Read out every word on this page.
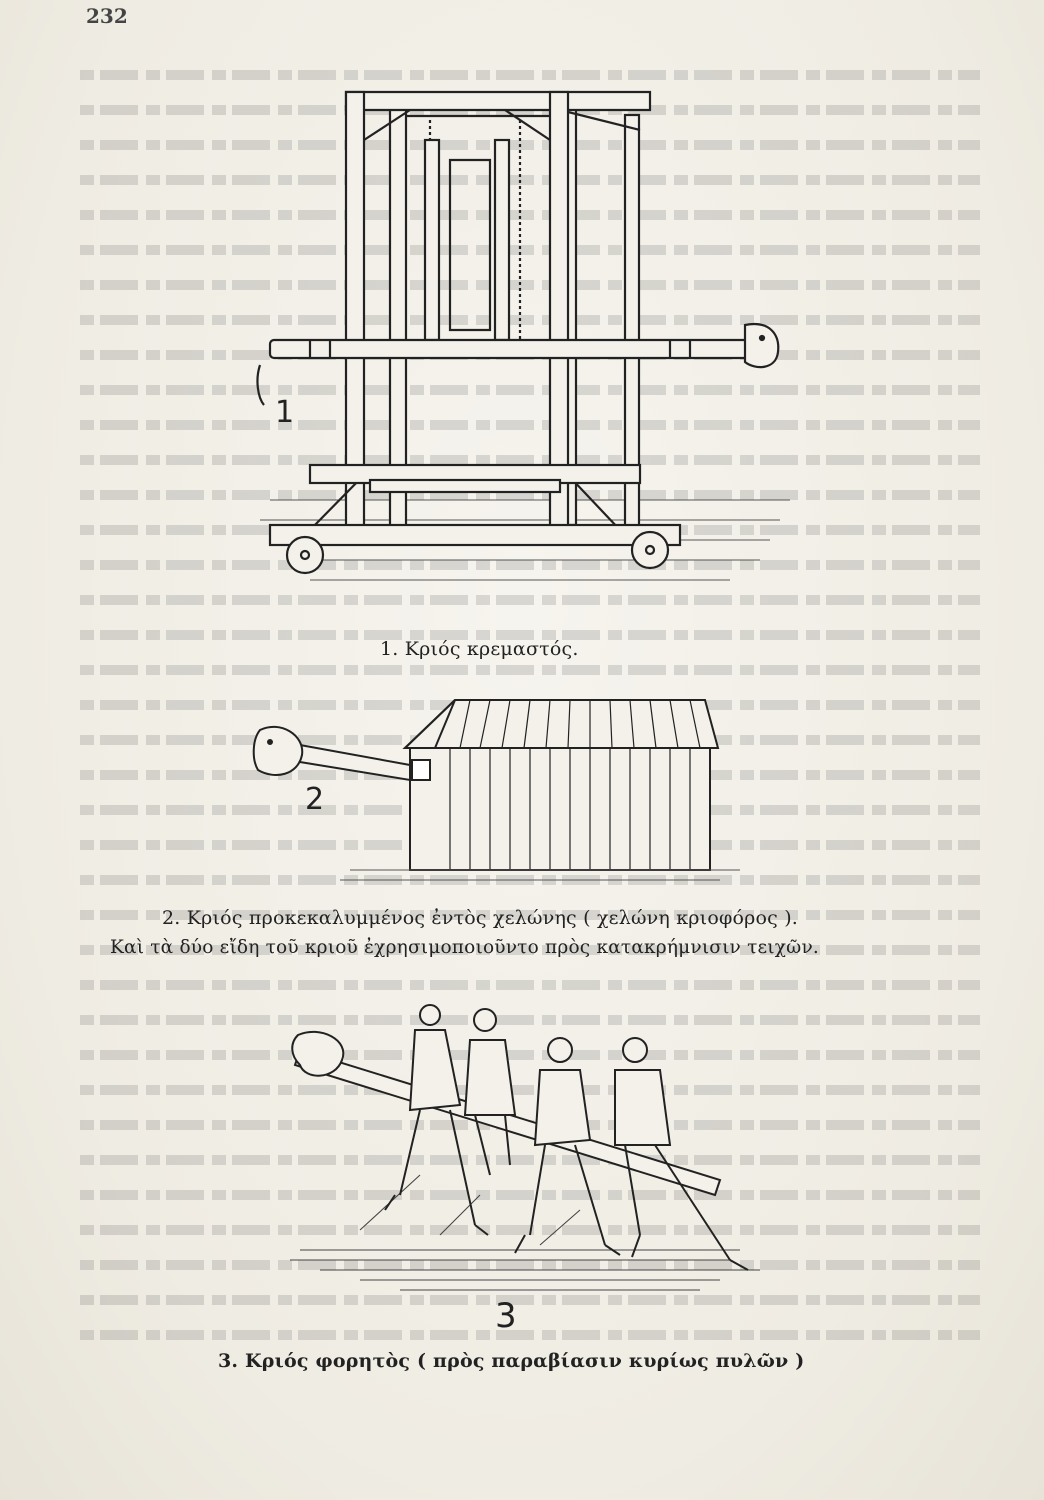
232
1
1. Κριός κρεμαστός.
2
2. Κριός προκεκαλυμμένος ἐντὸς χελώνης ( χελώνη κριοφόρος ).
Καὶ τὰ δύο εἴδη τοῦ κριοῦ ἐχρησιμοποιοῦντο πρὸς κατακρήμνισιν τειχῶν.
3
3. Κριός φορητὸς ( πρὸς παραβίασιν κυρίως πυλῶν )
